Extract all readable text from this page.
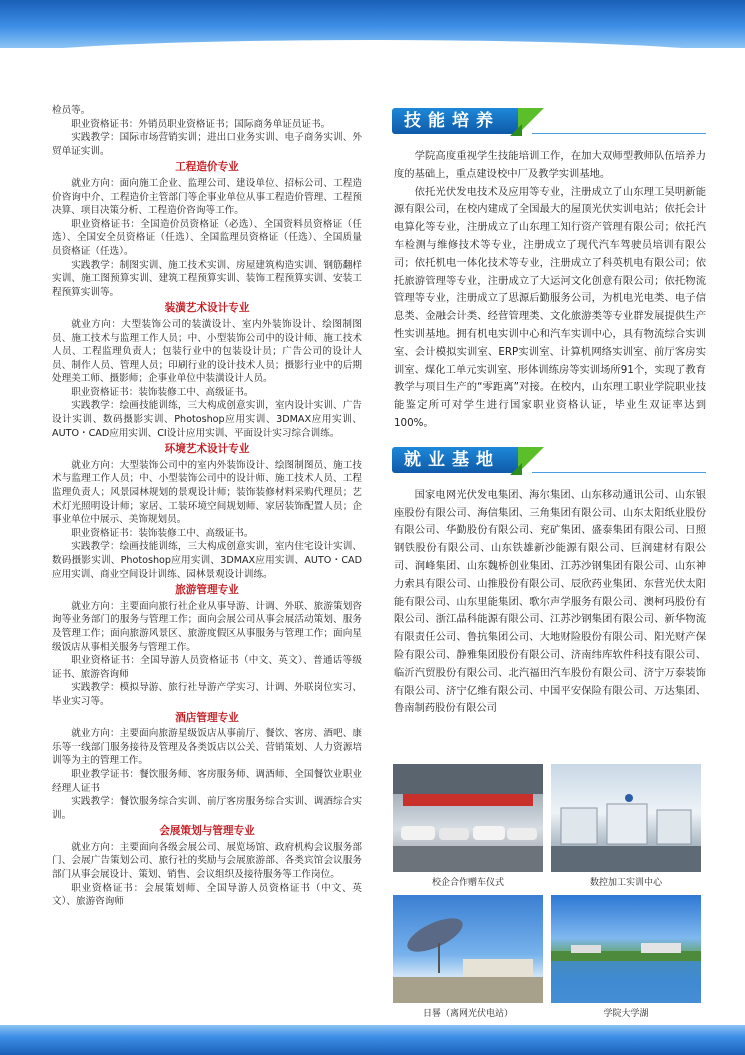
检员等。

职业资格证书：外销员职业资格证书；国际商务单证员证书。

实践教学：国际市场营销实训；进出口业务实训、电子商务实训、外贸单证实训。

工程造价专业

就业方向：面向施工企业、监理公司、建设单位、招标公司、工程造价咨询中介、工程造价主管部门等企事业单位从事工程造价管理、工程预决算、项目决策分析、工程造价咨询等工作。

职业资格证书：全国造价员资格证（必选）、全国资料员资格证（任选）、全国安全员资格证（任选）、全国监理员资格证（任选）、全国质量员资格证（任选）。

实践教学：制图实训、施工技术实训、房屋建筑构造实训、钢筋翻样实训、施工图预算实训、建筑工程预算实训、装饰工程预算实训、安装工程预算实训等。

装潢艺术设计专业

就业方向：大型装饰公司的装潢设计、室内外装饰设计、绘图制图员、施工技术与监理工作人员；中、小型装饰公司中的设计师、施工技术人员、工程监理负责人；包装行业中的包装设计员；广告公司的设计人员、制作人员、管理人员；印刷行业的设计技术人员；摄影行业中的后期处理美工师、摄影师；企事业单位中装潢设计人员。

职业资格证书：装饰装修工中、高级证书。

实践教学：绘画技能训练，三大构成创意实训，室内设计实训、广告设计实训、数码摄影实训、Photoshop应用实训、3DMAX应用实训、AUTO・CAD应用实训、CI设计应用实训、平面设计实习综合训练。

环境艺术设计专业

就业方向：大型装饰公司中的室内外装饰设计、绘图制图员、施工技术与监理工作人员；中、小型装饰公司中的设计师、施工技术人员、工程监理负责人；风景园林规划的景观设计师；装饰装修材料采购代理员；艺术灯光照明设计师；家居、工装环境空间规划师、家居装饰配置人员；企事业单位中展示、美饰规划员。

职业资格证书：装饰装修工中、高级证书。

实践教学：绘画技能训练，三大构成创意实训，室内住宅设计实训、数码摄影实训、Photoshop应用实训、3DMAX应用实训、AUTO・CAD应用实训、商业空间设计训练、园林景观设计训练。

旅游管理专业

就业方向：主要面向旅行社企业从事导游、计调、外联、旅游策划咨询等业务部门的服务与管理工作；面向会展公司从事会展活动策划、服务及管理工作；面向旅游风景区、旅游度假区从事服务与管理工作；面向星级饭店从事相关服务与管理工作。

职业资格证书：全国导游人员资格证书（中文、英文）、普通话等级证书、旅游咨询师

实践教学：模拟导游、旅行社导游产学实习、计调、外联岗位实习、毕业实习等。

酒店管理专业

就业方向：主要面向旅游星级饭店从事前厅、餐饮、客房、酒吧、康乐等一线部门服务接待及管理及各类饭店以公关、营销策划、人力资源培训等为主的管理工作。

职业教学证书：餐饮服务师、客房服务师、调酒师、全国餐饮业职业经理人证书

实践教学：餐饮服务综合实训、前厅客房服务综合实训、调酒综合实训。

会展策划与管理专业

就业方向：主要面向各级会展公司、展览场馆、政府机构会议服务部门、会展广告策划公司、旅行社的奖励与会展旅游部、各类宾馆会议服务部门从事会展设计、策划、销售、会议组织及接待服务等工作岗位。

职业资格证书：会展策划师、全国导游人员资格证书（中文、英文）、旅游咨询师

技能培养

学院高度重视学生技能培训工作，在加大双师型教师队伍培养力度的基础上，重点建设校中厂及教学实训基地。

依托光伏发电技术及应用等专业，注册成立了山东理工昊明新能源有限公司，在校内建成了全国最大的屋顶光伏实训电站；依托会计电算化等专业，注册成立了山东理工知行资产管理有限公司；依托汽车检测与维修技术等专业，注册成立了现代汽车驾驶员培训有限公司；依托机电一体化技术等专业，注册成立了科英机电有限公司；依托旅游管理等专业，注册成立了大运河文化创意有限公司；依托物流管理等专业，注册成立了思源后勤服务公司，为机电光电类、电子信息类、金融会计类、经营管理类、文化旅游类等专业群发展提供生产性实训基地。拥有机电实训中心和汽车实训中心，具有物流综合实训室、会计模拟实训室、ERP实训室、计算机网络实训室、前厅客房实训室、煤化工单元实训室、形体训练房等实训场所91个，实现了教育教学与项目生产的“零距离”对接。在校内，山东理工职业学院职业技能鉴定所可对学生进行国家职业资格认证，毕业生双证率达到100%。

就业基地

国家电网光伏发电集团、海尔集团、山东移动通讯公司、山东银座股份有限公司、海信集团、三角集团有限公司、山东太阳纸业股份有限公司、华勤股份有限公司、兖矿集团、盛泰集团有限公司、日照钢铁股份有限公司、山东铁雄新沙能源有限公司、巨润建材有限公司、润峰集团、山东魏桥创业集团、江苏沙钢集团有限公司、山东神力索具有限公司、山推股份有限公司、辰欣药业集团、东营光伏太阳能有限公司、山东里能集团、歌尔声学服务有限公司、澳柯玛股份有限公司、浙江晶科能源有限公司、江苏沙钢集团有限公司、新华物流有限责任公司、鲁抗集团公司、大地财险股份有限公司、阳光财产保险有限公司、静雅集团股份有限公司、济南纬库软件科技有限公司、临沂汽贸股份有限公司、北汽福田汽车股份有限公司、济宁万泰装饰有限公司、济宁亿维有限公司、中国平安保险有限公司、万达集团、鲁南制药股份有限公司

校企合作赠车仪式	数控加工实训中心
日晷（离网光伏电站）	学院大学湖
